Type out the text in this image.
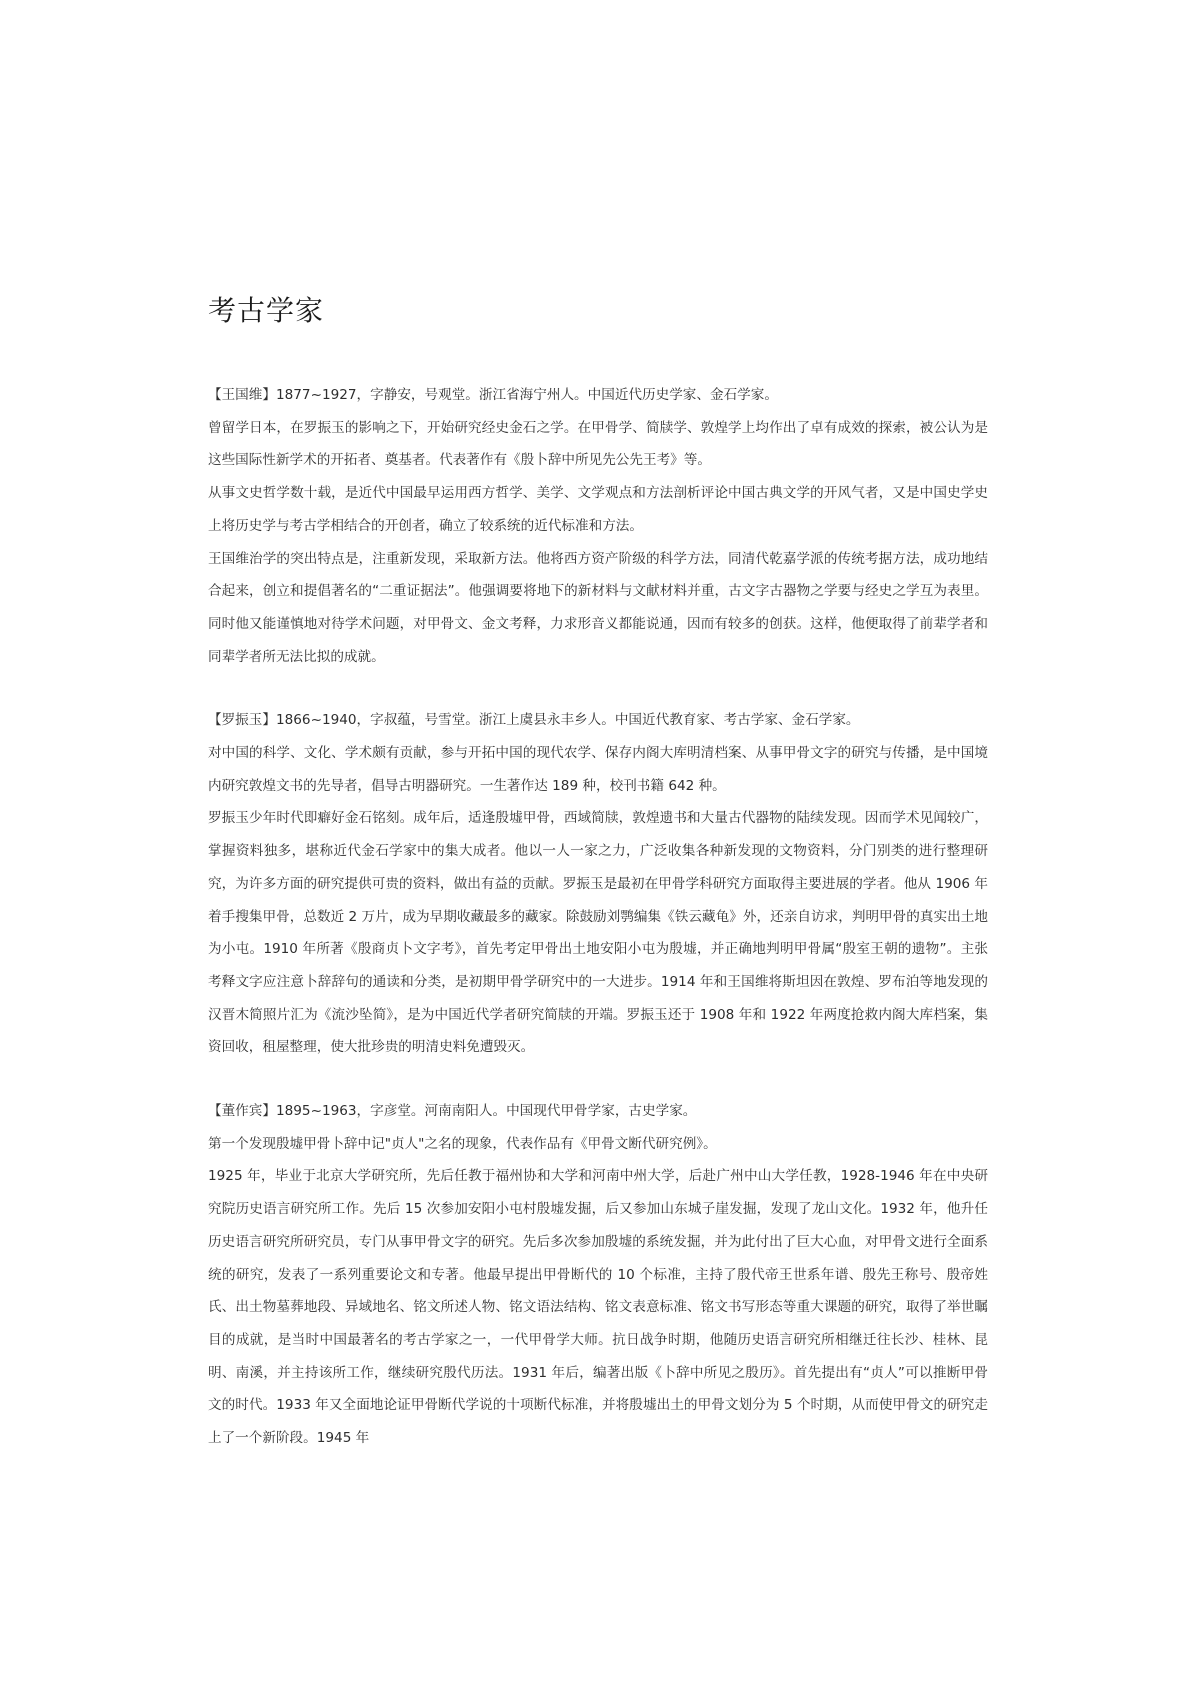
考古学家

【王国维】1877~1927，字静安，号观堂。浙江省海宁州人。中国近代历史学家、金石学家。

曾留学日本，在罗振玉的影响之下，开始研究经史金石之学。在甲骨学、简牍学、敦煌学上均作出了卓有成效的探索，被公认为是这些国际性新学术的开拓者、奠基者。代表著作有《殷卜辞中所见先公先王考》等。

从事文史哲学数十载，是近代中国最早运用西方哲学、美学、文学观点和方法剖析评论中国古典文学的开风气者，又是中国史学史上将历史学与考古学相结合的开创者，确立了较系统的近代标准和方法。

王国维治学的突出特点是，注重新发现，采取新方法。他将西方资产阶级的科学方法，同清代乾嘉学派的传统考据方法，成功地结合起来，创立和提倡著名的“二重证据法”。他强调要将地下的新材料与文献材料并重，古文字古器物之学要与经史之学互为表里。同时他又能谨慎地对待学术问题，对甲骨文、金文考释，力求形音义都能说通，因而有较多的创获。这样，他便取得了前辈学者和同辈学者所无法比拟的成就。

【罗振玉】1866~1940，字叔蕴，号雪堂。浙江上虞县永丰乡人。中国近代教育家、考古学家、金石学家。

对中国的科学、文化、学术颇有贡献，参与开拓中国的现代农学、保存内阁大库明清档案、从事甲骨文字的研究与传播，是中国境内研究敦煌文书的先导者，倡导古明器研究。一生著作达 189 种，校刊书籍 642 种。

罗振玉少年时代即癖好金石铭刻。成年后，适逢殷墟甲骨，西域简牍，敦煌遗书和大量古代器物的陆续发现。因而学术见闻较广，掌握资料独多，堪称近代金石学家中的集大成者。他以一人一家之力，广泛收集各种新发现的文物资料，分门别类的进行整理研究，为许多方面的研究提供可贵的资料，做出有益的贡献。罗振玉是最初在甲骨学科研究方面取得主要进展的学者。他从 1906 年着手搜集甲骨，总数近 2 万片，成为早期收藏最多的藏家。除鼓励刘鹗编集《铁云藏龟》外，还亲自访求，判明甲骨的真实出土地为小屯。1910 年所著《殷商贞卜文字考》，首先考定甲骨出土地安阳小屯为殷墟，并正确地判明甲骨属“殷室王朝的遗物”。主张考释文字应注意卜辞辞句的通读和分类，是初期甲骨学研究中的一大进步。1914 年和王国维将斯坦因在敦煌、罗布泊等地发现的汉晋木简照片汇为《流沙坠简》，是为中国近代学者研究简牍的开端。罗振玉还于 1908 年和 1922 年两度抢救内阁大库档案，集资回收，租屋整理，使大批珍贵的明清史料免遭毁灭。

【董作宾】1895~1963，字彦堂。河南南阳人。中国现代甲骨学家，古史学家。

第一个发现殷墟甲骨卜辞中记"贞人"之名的现象，代表作品有《甲骨文断代研究例》。

1925 年，毕业于北京大学研究所，先后任教于福州协和大学和河南中州大学，后赴广州中山大学任教，1928-1946 年在中央研究院历史语言研究所工作。先后 15 次参加安阳小屯村殷墟发掘，后又参加山东城子崖发掘，发现了龙山文化。1932 年，他升任历史语言研究所研究员，专门从事甲骨文字的研究。先后多次参加殷墟的系统发掘，并为此付出了巨大心血，对甲骨文进行全面系统的研究，发表了一系列重要论文和专著。他最早提出甲骨断代的 10 个标准，主持了殷代帝王世系年谱、殷先王称号、殷帝姓氏、出土物墓葬地段、异域地名、铭文所述人物、铭文语法结构、铭文表意标准、铭文书写形态等重大课题的研究，取得了举世瞩目的成就，是当时中国最著名的考古学家之一，一代甲骨学大师。抗日战争时期，他随历史语言研究所相继迁往长沙、桂林、昆明、南溪，并主持该所工作，继续研究殷代历法。1931 年后，编著出版《卜辞中所见之殷历》。首先提出有“贞人”可以推断甲骨文的时代。1933 年又全面地论证甲骨断代学说的十项断代标准，并将殷墟出土的甲骨文划分为 5 个时期，从而使甲骨文的研究走上了一个新阶段。1945 年
